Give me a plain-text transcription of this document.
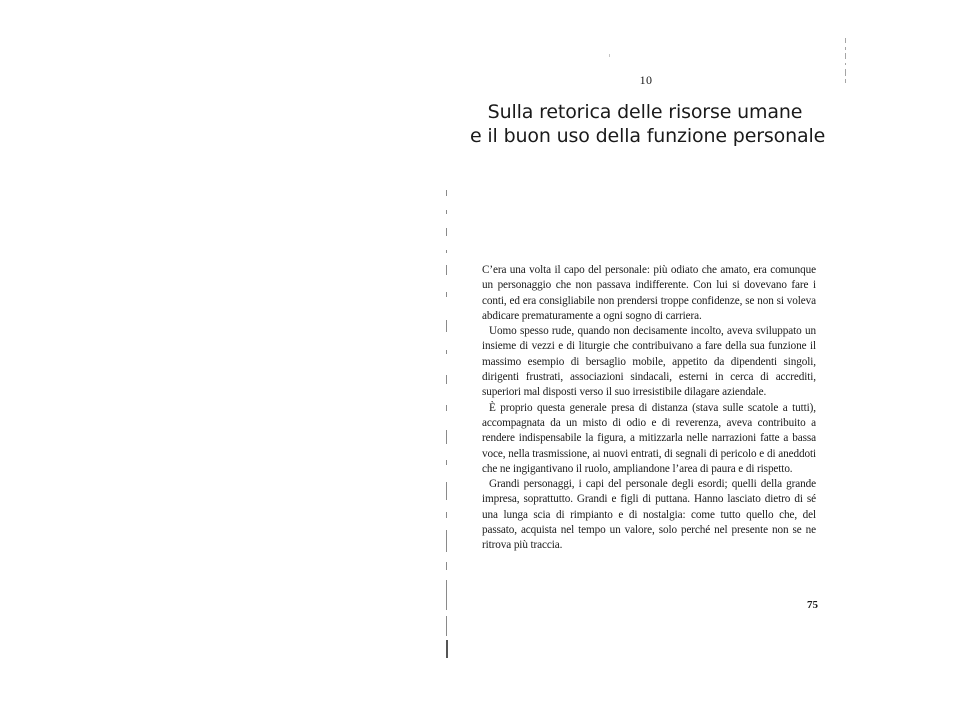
10
Sulla retorica delle risorse umane
e il buon uso della funzione personale

C’era una volta il capo del personale: più odiato che amato, era comunque un personaggio che non passava indifferente. Con lui si dovevano fare i conti, ed era consigliabile non prendersi troppe confidenze, se non si voleva abdicare prematuramente a ogni sogno di carriera.

Uomo spesso rude, quando non decisamente incolto, aveva sviluppato un insieme di vezzi e di liturgie che contribuivano a fare della sua funzione il massimo esempio di bersaglio mobile, appetito da dipendenti singoli, dirigenti frustrati, associazioni sindacali, esterni in cerca di accrediti, superiori mal disposti verso il suo irresistibile dilagare aziendale.

È proprio questa generale presa di distanza (stava sulle scatole a tutti), accompagnata da un misto di odio e di reverenza, aveva contribuito a rendere indispensabile la figura, a mitizzarla nelle narrazioni fatte a bassa voce, nella trasmissione, ai nuovi entrati, di segnali di pericolo e di aneddoti che ne ingigantivano il ruolo, ampliandone l’area di paura e di rispetto.

Grandi personaggi, i capi del personale degli esordi; quelli della grande impresa, soprattutto. Grandi e figli di puttana. Hanno lasciato dietro di sé una lunga scia di rimpianto e di nostalgia: come tutto quello che, del passato, acquista nel tempo un valore, solo perché nel presente non se ne ritrova più traccia.

75
